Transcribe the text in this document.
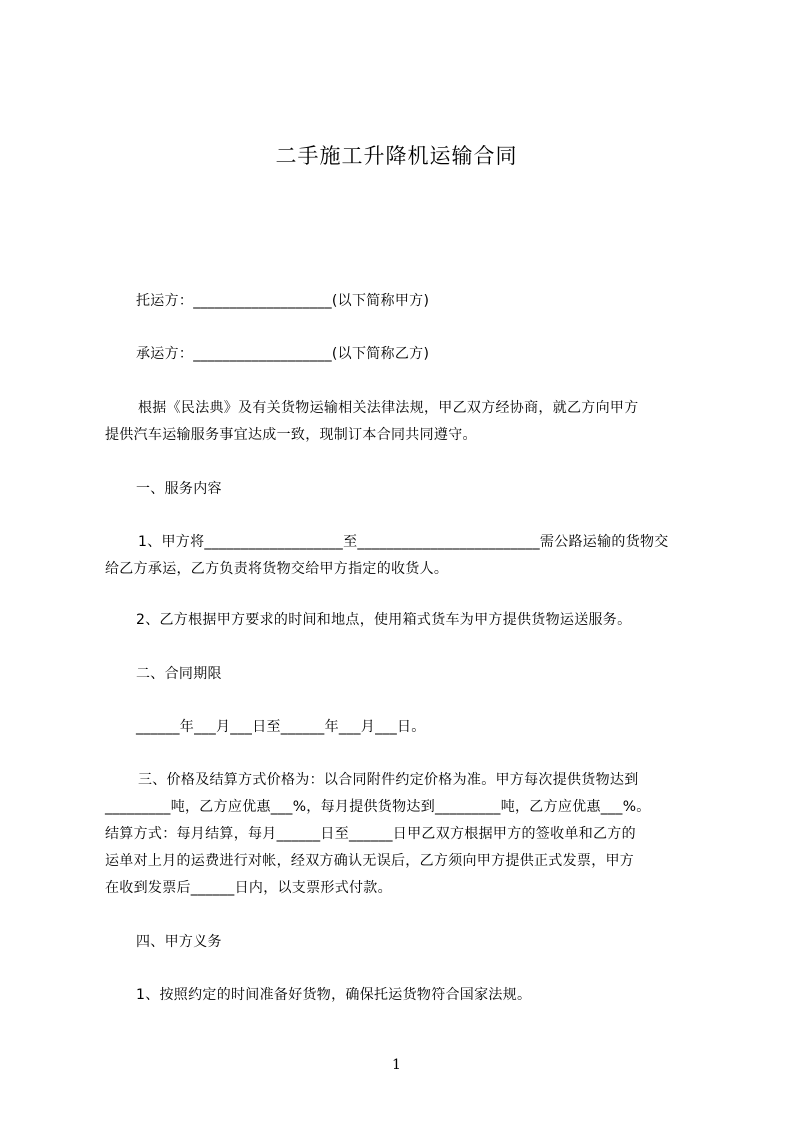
二手施工升降机运输合同
托运方：___________________(以下简称甲方)
承运方：___________________(以下简称乙方)
根据《民法典》及有关货物运输相关法律法规，甲乙双方经协商，就乙方向甲方
提供汽车运输服务事宜达成一致，现制订本合同共同遵守。
一、服务内容
1、甲方将___________________至_________________________需公路运输的货物交
给乙方承运，乙方负责将货物交给甲方指定的收货人。
2、乙方根据甲方要求的时间和地点，使用箱式货车为甲方提供货物运送服务。
二、合同期限
______年___月___日至______年___月___日。
三、价格及结算方式价格为：以合同附件约定价格为准。甲方每次提供货物达到
_________吨，乙方应优惠___%，每月提供货物达到_________吨，乙方应优惠___%。
结算方式：每月结算，每月______日至______日甲乙双方根据甲方的签收单和乙方的
运单对上月的运费进行对帐，经双方确认无误后，乙方须向甲方提供正式发票，甲方
在收到发票后______日内，以支票形式付款。
四、甲方义务
1、按照约定的时间准备好货物，确保托运货物符合国家法规。
1
